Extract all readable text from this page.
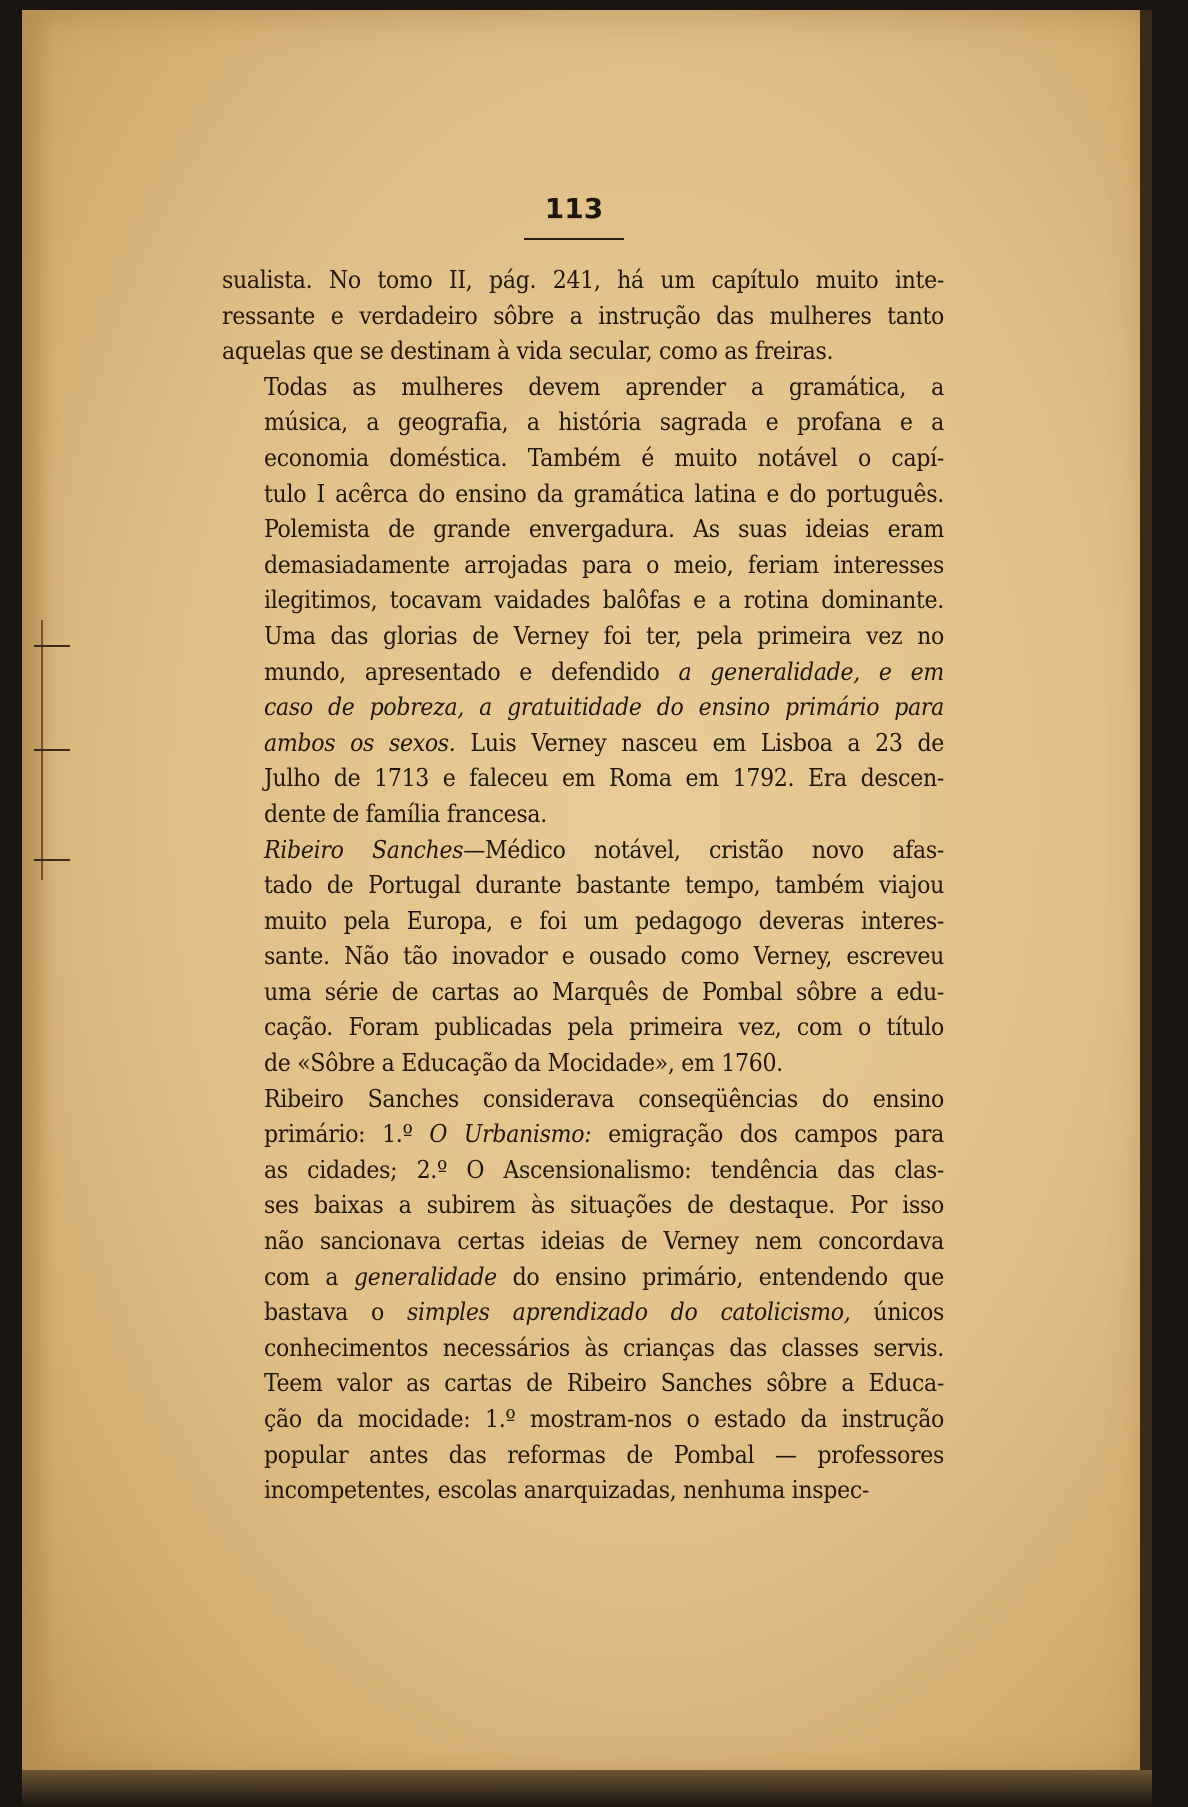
113

sualista. No tomo II, pág. 241, há um capítulo muito inte-
ressante e verdadeiro sôbre a instrução das mulheres tanto
aquelas que se destinam à vida secular, como as freiras.

Todas as mulheres devem aprender a gramática, a
música, a geografia, a história sagrada e profana e a
economia doméstica. Também é muito notável o capí-
tulo I acêrca do ensino da gramática latina e do português.
Polemista de grande envergadura. As suas ideias eram
demasiadamente arrojadas para o meio, feriam interesses
ilegitimos, tocavam vaidades balôfas e a rotina dominante.
Uma das glorias de Verney foi ter, pela primeira vez no
mundo, apresentado e defendido a generalidade, e em
caso de pobreza, a gratuitidade do ensino primário para
ambos os sexos. Luis Verney nasceu em Lisboa a 23 de
Julho de 1713 e faleceu em Roma em 1792. Era descen-
dente de família francesa.

Ribeiro Sanches—Médico notável, cristão novo afas-
tado de Portugal durante bastante tempo, também viajou
muito pela Europa, e foi um pedagogo deveras interes-
sante. Não tão inovador e ousado como Verney, escreveu
uma série de cartas ao Marquês de Pombal sôbre a edu-
cação. Foram publicadas pela primeira vez, com o título
de «Sôbre a Educação da Mocidade», em 1760.

Ribeiro Sanches considerava conseqüências do ensino
primário: 1.º O Urbanismo: emigração dos campos para
as cidades; 2.º O Ascensionalismo: tendência das clas-
ses baixas a subirem às situações de destaque. Por isso
não sancionava certas ideias de Verney nem concordava
com a generalidade do ensino primário, entendendo que
bastava o simples aprendizado do catolicismo, únicos
conhecimentos necessários às crianças das classes servis.
Teem valor as cartas de Ribeiro Sanches sôbre a Educa-
ção da mocidade: 1.º mostram-nos o estado da instrução
popular antes das reformas de Pombal — professores
incompetentes, escolas anarquizadas, nenhuma inspec-
